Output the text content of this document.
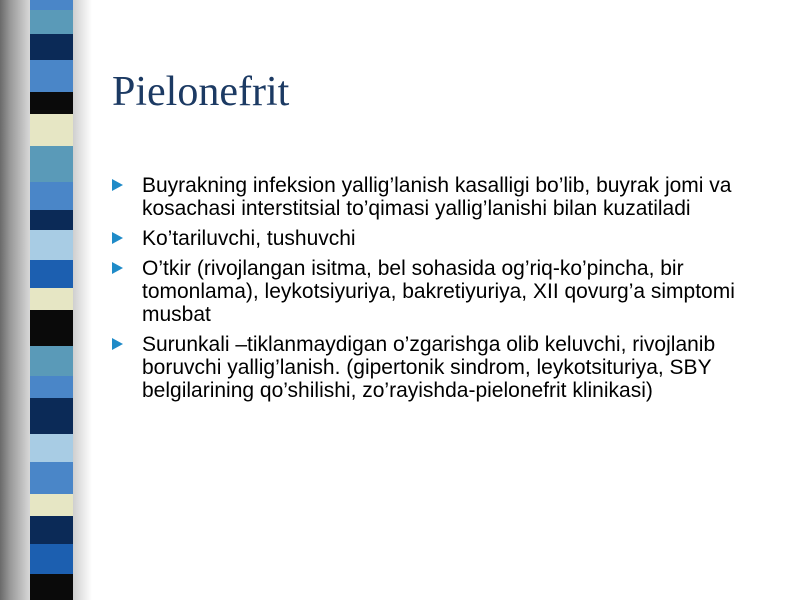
Pielonefrit
Buyrakning infeksion yallig’lanish kasalligi bo’lib, buyrak jomi va kosachasi interstitsial to’qimasi yallig’lanishi bilan kuzatiladi
Ko’tariluvchi, tushuvchi
O’tkir (rivojlangan isitma, bel sohasida og’riq-ko’pincha, bir tomonlama), leykotsiyuriya, bakretiyuriya, XII qovurg’a simptomi musbat
Surunkali –tiklanmaydigan o’zgarishga olib keluvchi, rivojlanib boruvchi yallig’lanish. (gipertonik sindrom, leykotsituriya, SBY belgilarining qo’shilishi, zo’rayishda-pielonefrit klinikasi)
